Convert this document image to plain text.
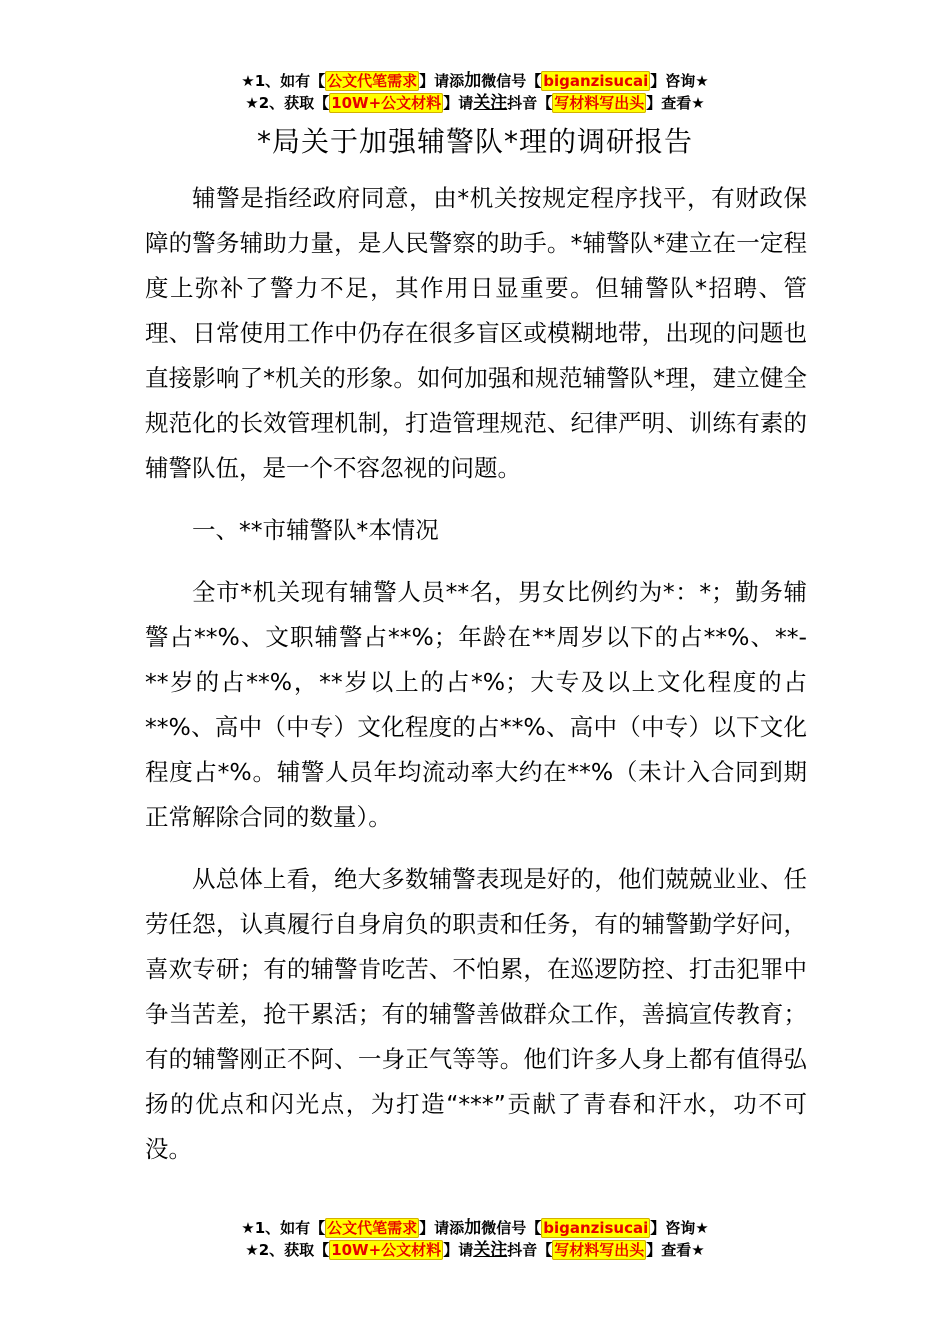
★1、如有【 公文代笔需求 】请添加微信号【 biganzisucai 】咨询★
★2、获取【 10W+公文材料 】请关注抖音【 写材料写出头 】查看★
*局关于加强辅警队*理的调研报告

辅警是指经政府同意，由*机关按规定程序找平，有财政保障的警务辅助力量，是人民警察的助手。*辅警队*建立在一定程度上弥补了警力不足，其作用日显重要。但辅警队*招聘、管理、日常使用工作中仍存在很多盲区或模糊地带，出现的问题也直接影响了*机关的形象。如何加强和规范辅警队*理，建立健全规范化的长效管理机制，打造管理规范、纪律严明、训练有素的辅警队伍，是一个不容忽视的问题。

一、**市辅警队*本情况

全市*机关现有辅警人员**名，男女比例约为*：*；勤务辅警占**%、文职辅警占**%；年龄在**周岁以下的占**%、**-**岁的占**%，**岁以上的占*%；大专及以上文化程度的占**%、高中（中专）文化程度的占**%、高中（中专）以下文化程度占*%。辅警人员年均流动率大约在**%（未计入合同到期正常解除合同的数量）。

从总体上看，绝大多数辅警表现是好的，他们兢兢业业、任劳任怨，认真履行自身肩负的职责和任务，有的辅警勤学好问，喜欢专研；有的辅警肯吃苦、不怕累，在巡逻防控、打击犯罪中争当苦差，抢干累活；有的辅警善做群众工作，善搞宣传教育；有的辅警刚正不阿、一身正气等等。他们许多人身上都有值得弘扬的优点和闪光点，为打造“***”贡献了青春和汗水，功不可没。

★1、如有【 公文代笔需求 】请添加微信号【 biganzisucai 】咨询★
★2、获取【 10W+公文材料 】请关注抖音【 写材料写出头 】查看★
